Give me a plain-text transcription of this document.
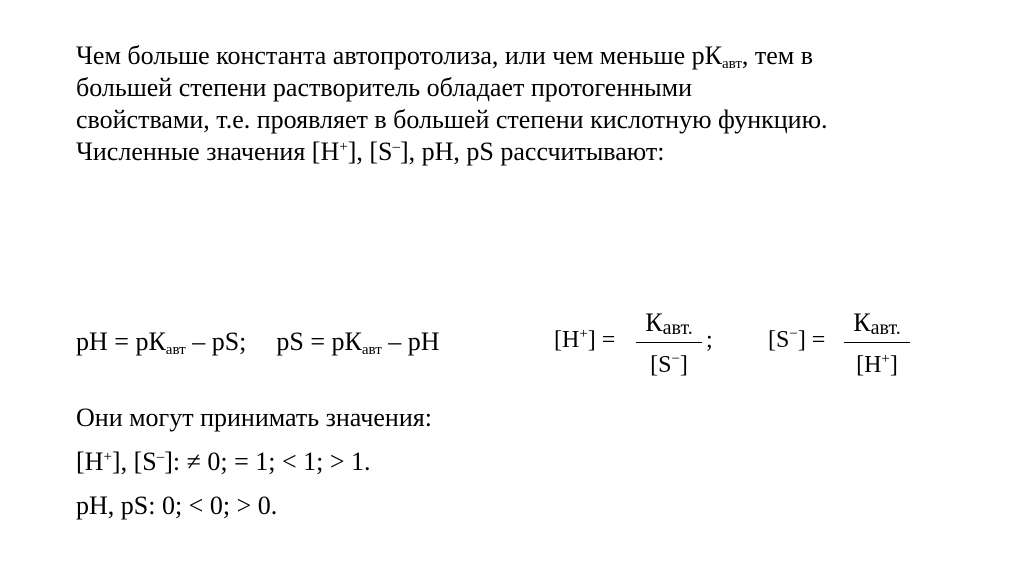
Чем больше константа автопротолиза, или чем меньше $рК_{авт}$, тем в
большей степени растворитель обладает протогенными
свойствами, т.е. проявляет в большей степени кислотную функцию.
Численные значения [Н+], [S–], рН, рS рассчитывают:
рН = $рК_{авт}$ – рS; рS = $рК_{авт}$ – рН	[H+] =
$К_{авт.}$
[S−]
; [S−] =
$К_{авт.}$
[H+]
Они могут принимать значения:
[Н+], [S–]: ≠ 0; = 1; < 1; > 1.
рН, рS: 0; < 0; > 0.
